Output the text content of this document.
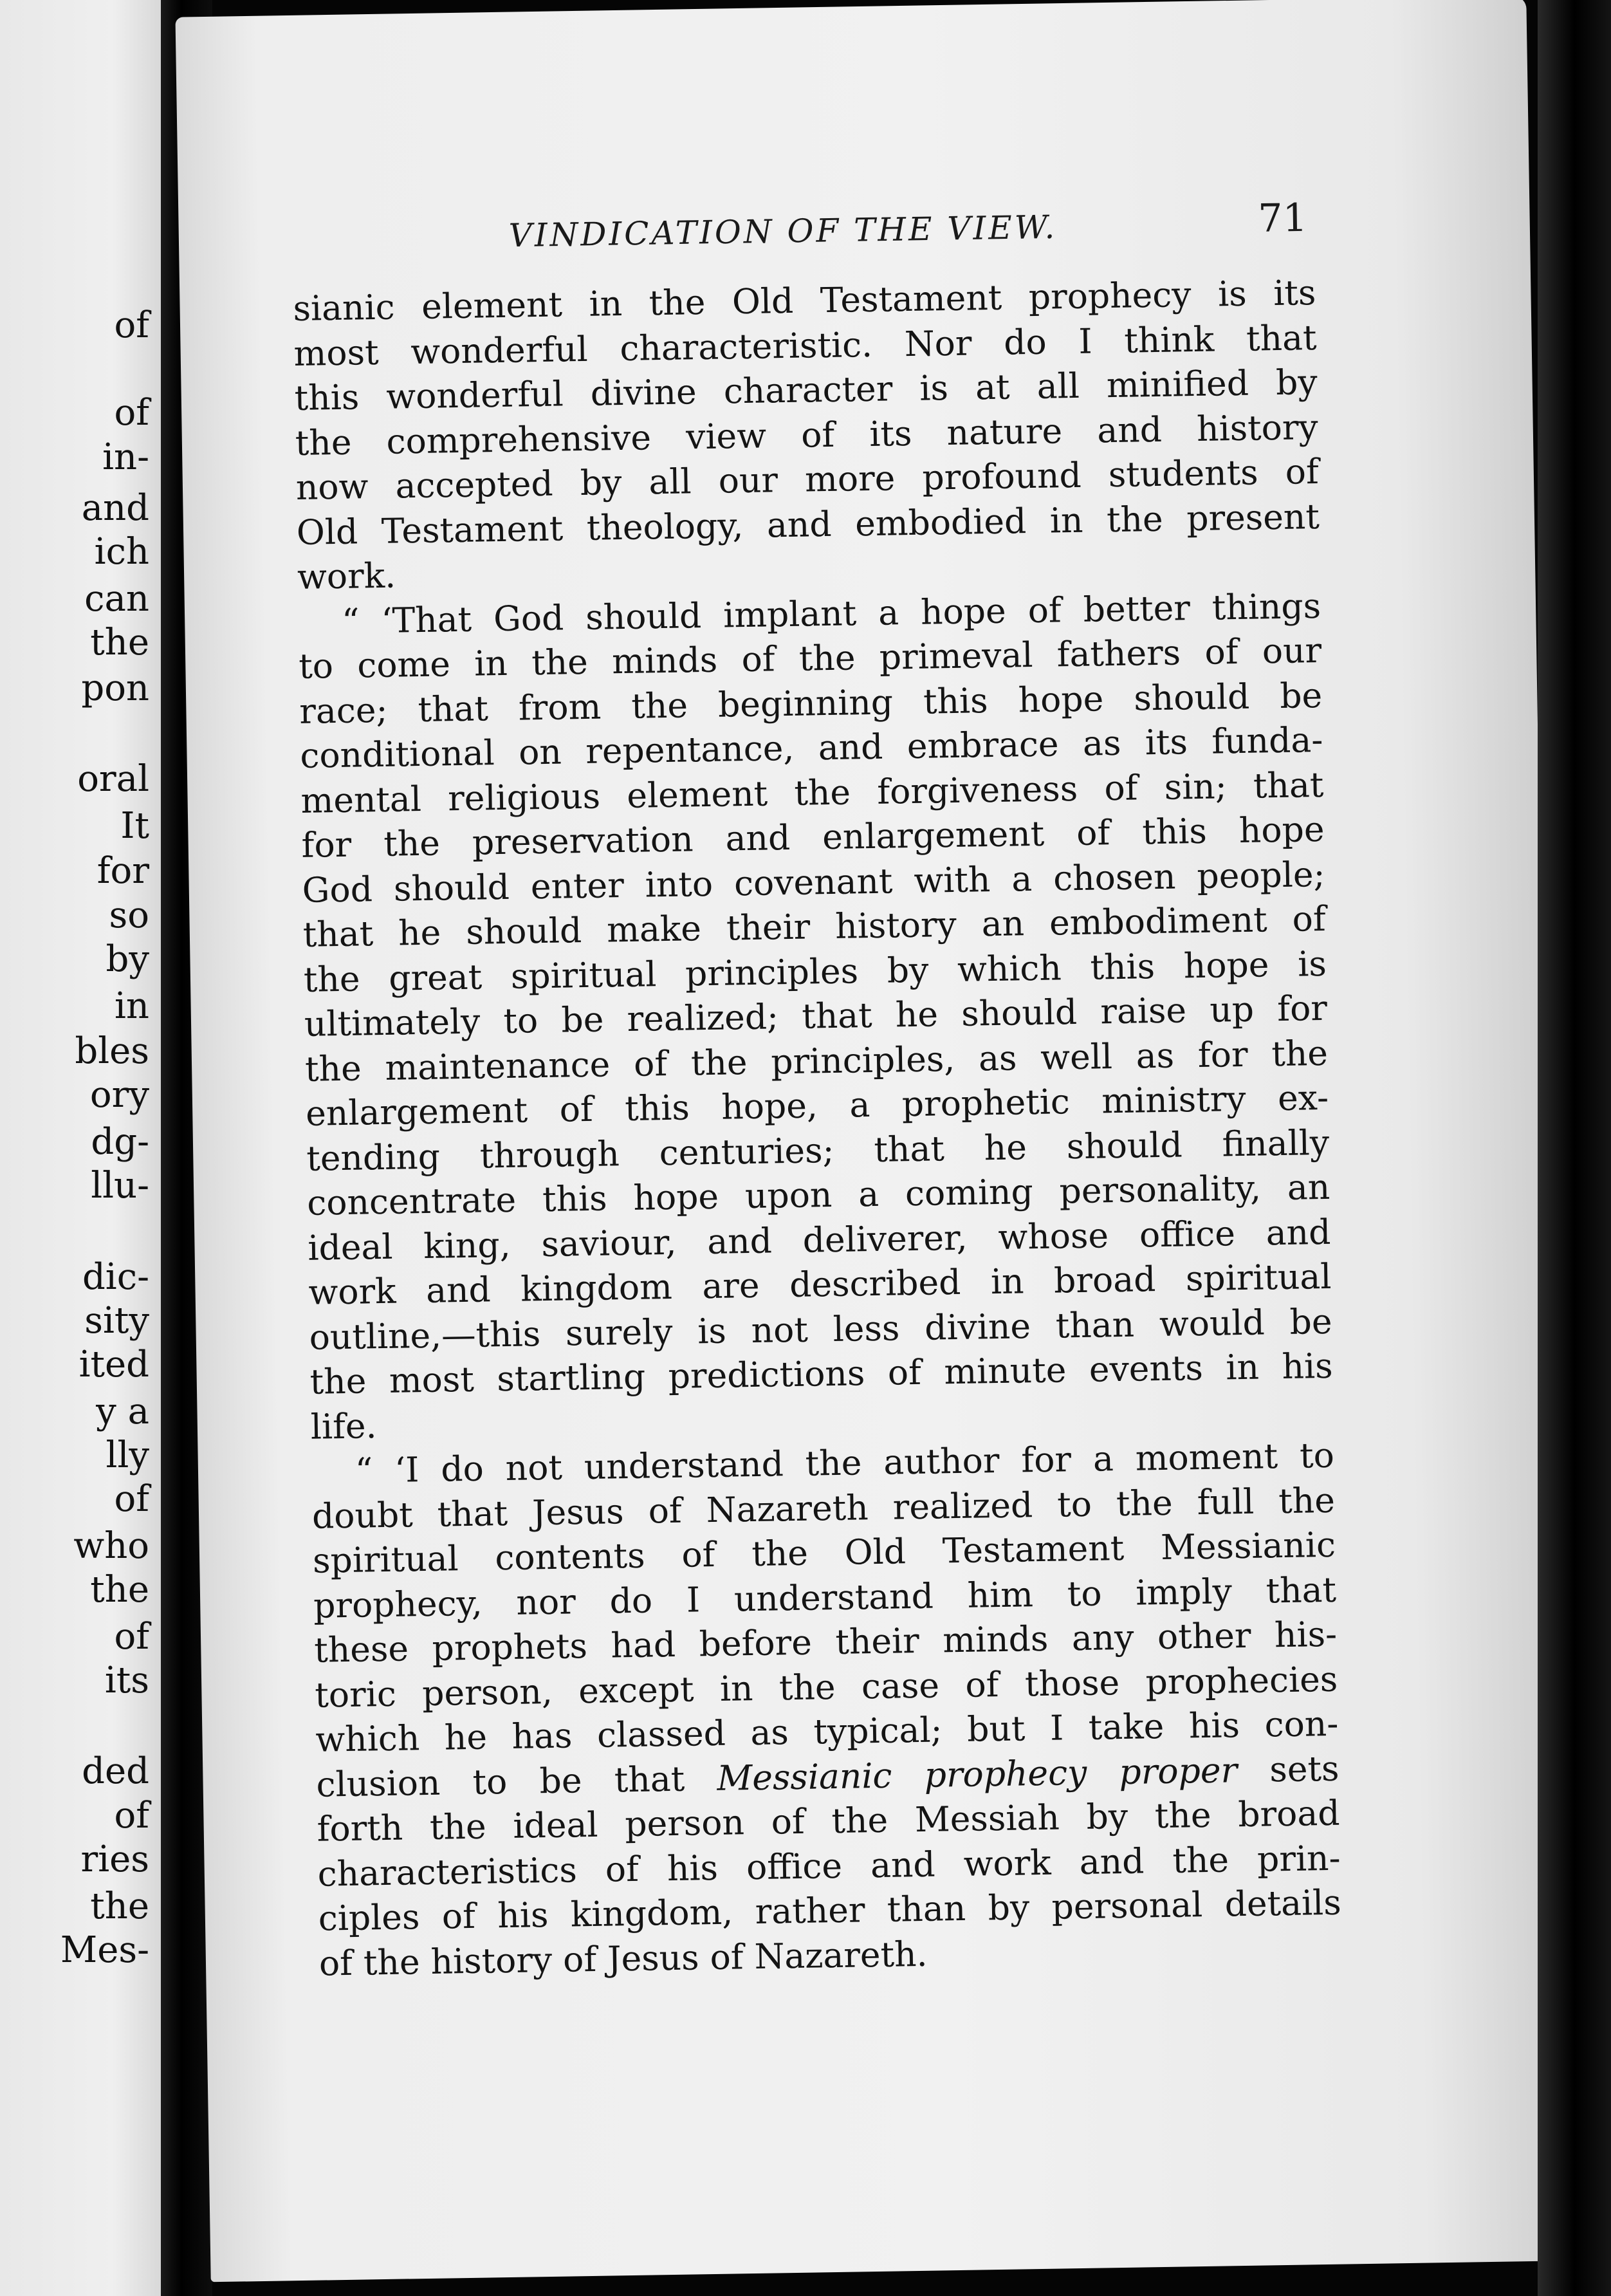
of
of
in-
and
ich
can
the
pon
oral
It
for
so
by
in
bles
ory
dg-
llu-
dic-
sity
ited
y a
lly
of
who
the
of
its
ded
of
ries
the
Mes-
VINDICATION OF THE VIEW.	71
sianic element in the Old Testament prophecy is its
most wonderful characteristic. Nor do I think that
this wonderful divine character is at all minified by
the comprehensive view of its nature and history
now accepted by all our more profound students of
Old Testament theology, and embodied in the present
work.
“ ‘That God should implant a hope of better things
to come in the minds of the primeval fathers of our
race; that from the beginning this hope should be
conditional on repentance, and embrace as its funda-
mental religious element the forgiveness of sin; that
for the preservation and enlargement of this hope
God should enter into covenant with a chosen people;
that he should make their history an embodiment of
the great spiritual principles by which this hope is
ultimately to be realized; that he should raise up for
the maintenance of the principles, as well as for the
enlargement of this hope, a prophetic ministry ex-
tending through centuries; that he should finally
concentrate this hope upon a coming personality, an
ideal king, saviour, and deliverer, whose office and
work and kingdom are described in broad spiritual
outline,—this surely is not less divine than would be
the most startling predictions of minute events in his
life.
“ ‘I do not understand the author for a moment to
doubt that Jesus of Nazareth realized to the full the
spiritual contents of the Old Testament Messianic
prophecy, nor do I understand him to imply that
these prophets had before their minds any other his-
toric person, except in the case of those prophecies
which he has classed as typical; but I take his con-
clusion to be that Messianic prophecy proper sets
forth the ideal person of the Messiah by the broad
characteristics of his office and work and the prin-
ciples of his kingdom, rather than by personal details
of the history of Jesus of Nazareth.
